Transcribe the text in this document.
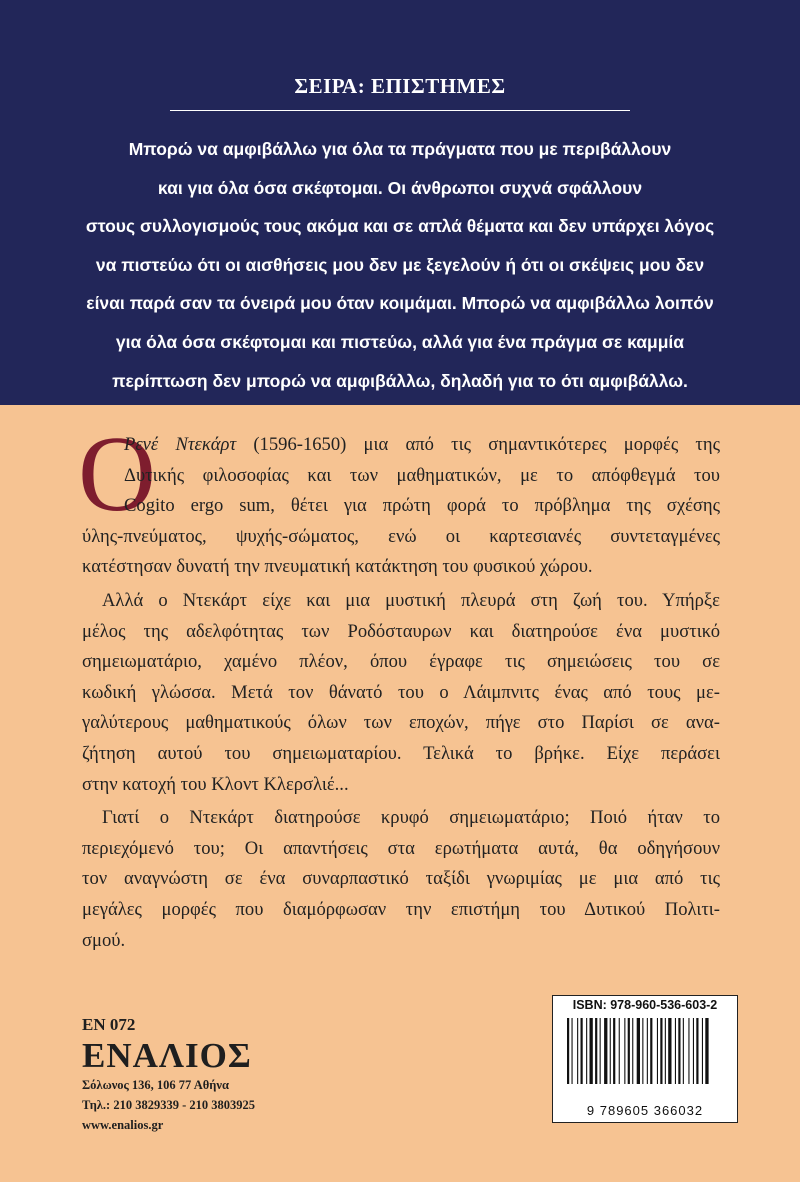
ΣΕΙΡΑ: ΕΠΙΣΤΗΜΕΣ
Μπορώ να αμφιβάλλω για όλα τα πράγματα που με περιβάλλουν
και για όλα όσα σκέφτομαι. Οι άνθρωποι συχνά σφάλλουν
στους συλλογισμούς τους ακόμα και σε απλά θέματα και δεν υπάρχει λόγος
να πιστεύω ότι οι αισθήσεις μου δεν με ξεγελούν ή ότι οι σκέψεις μου δεν
είναι παρά σαν τα όνειρά μου όταν κοιμάμαι. Μπορώ να αμφιβάλλω λοιπόν
για όλα όσα σκέφτομαι και πιστεύω, αλλά για ένα πράγμα σε καμμία
περίπτωση δεν μπορώ να αμφιβάλλω, δηλαδή για το ότι αμφιβάλλω.
Ο
Ρενέ Ντεκάρτ (1596-1650) μια από τις σημαντικότερες μορφές της
Δυτικής φιλοσοφίας και των μαθηματικών, με το απόφθεγμά του
Cogito ergo sum, θέτει για πρώτη φορά το πρόβλημα της σχέσης
ύλης-πνεύματος, ψυχής-σώματος, ενώ οι καρτεσιανές συντεταγμένες
κατέστησαν δυνατή την πνευματική κατάκτηση του φυσικού χώρου.
Αλλά ο Ντεκάρτ είχε και μια μυστική πλευρά στη ζωή του. Υπήρξε
μέλος της αδελφότητας των Ροδόσταυρων και διατηρούσε ένα μυστικό
σημειωματάριο, χαμένο πλέον, όπου έγραφε τις σημειώσεις του σε
κωδική γλώσσα. Μετά τον θάνατό του ο Λάιμπνιτς ένας από τους με-
γαλύτερους μαθηματικούς όλων των εποχών, πήγε στο Παρίσι σε ανα-
ζήτηση αυτού του σημειωματαρίου. Τελικά το βρήκε. Είχε περάσει
στην κατοχή του Κλοντ Κλερσλιέ...
Γιατί ο Ντεκάρτ διατηρούσε κρυφό σημειωματάριο; Ποιό ήταν το
περιεχόμενό του; Οι απαντήσεις στα ερωτήματα αυτά, θα οδηγήσουν
τον αναγνώστη σε ένα συναρπαστικό ταξίδι γνωριμίας με μια από τις
μεγάλες μορφές που διαμόρφωσαν την επιστήμη του Δυτικού Πολιτι-
σμού.
ΕΝ 072
ΕΝΑΛΙΟΣ
Σόλωνος 136, 106 77 Αθήνα
Τηλ.: 210 3829339 - 210 3803925
www.enalios.gr
ISBN: 978-960-536-603-2
9 789605 366032
